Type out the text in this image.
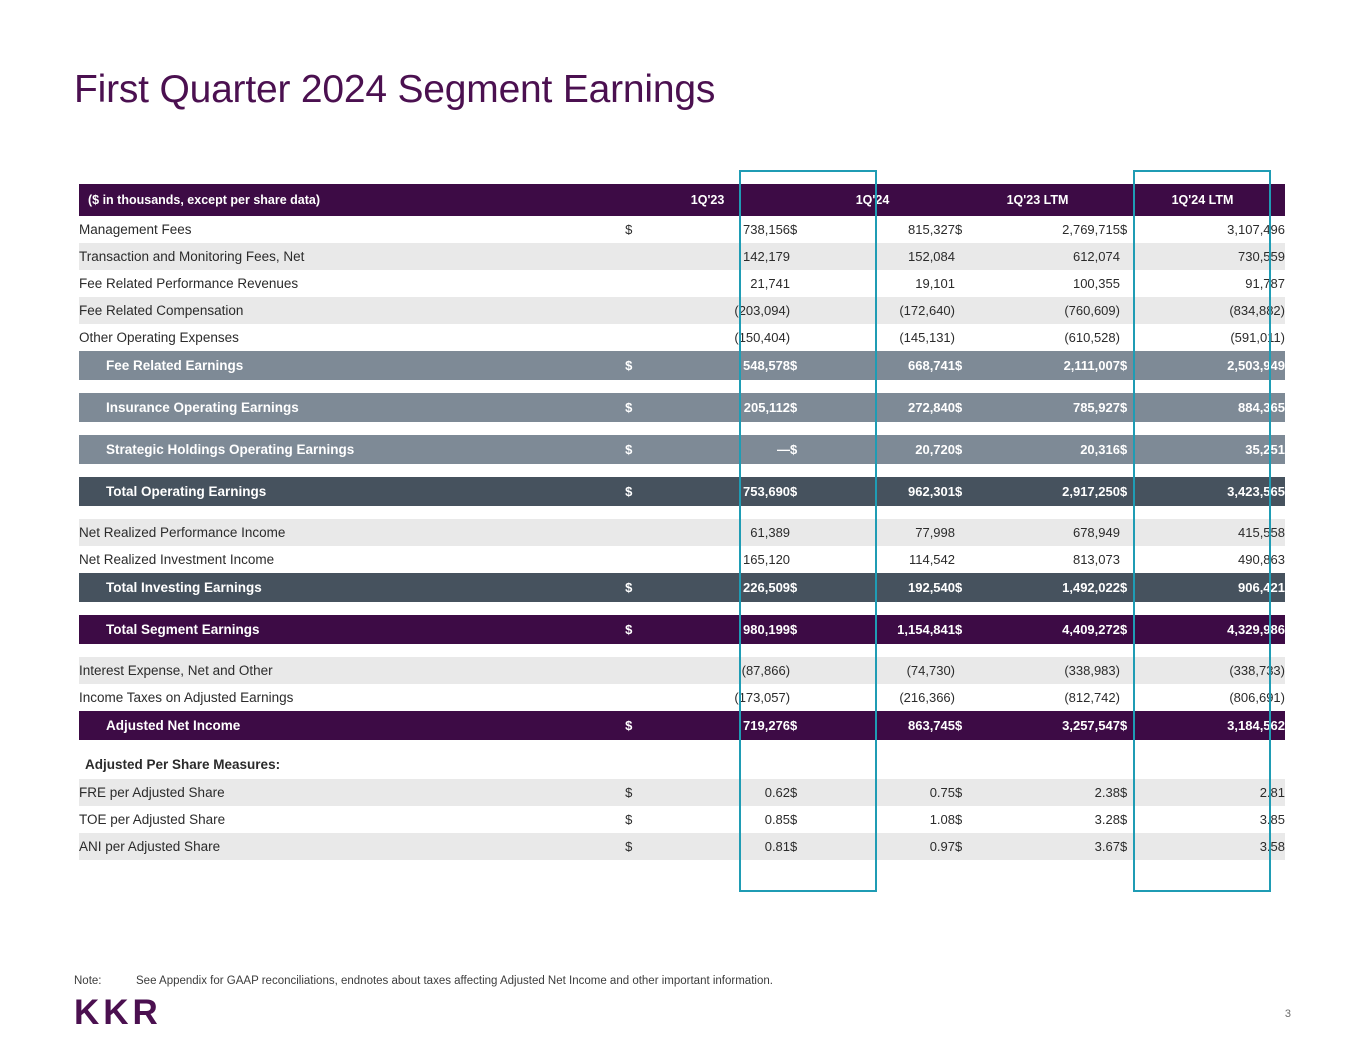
First Quarter 2024 Segment Earnings
($ in thousands, except per share data)	1Q'23		1Q'24		1Q'23 LTM		1Q'24 LTM	
Management Fees	$	738,156	$	815,327	$	2,769,715	$	3,107,496
Transaction and Monitoring Fees, Net		142,179		152,084		612,074		730,559
Fee Related Performance Revenues		21,741		19,101		100,355		91,787
Fee Related Compensation		(203,094)		(172,640)		(760,609)		(834,882)
Other Operating Expenses		(150,404)		(145,131)		(610,528)		(591,011)
Fee Related Earnings	$	548,578	$	668,741	$	2,111,007	$	2,503,949

Insurance Operating Earnings	$	205,112	$	272,840	$	785,927	$	884,365

Strategic Holdings Operating Earnings	$	—	$	20,720	$	20,316	$	35,251

Total Operating Earnings	$	753,690	$	962,301	$	2,917,250	$	3,423,565

Net Realized Performance Income		61,389		77,998		678,949		415,558
Net Realized Investment Income		165,120		114,542		813,073		490,863
Total Investing Earnings	$	226,509	$	192,540	$	1,492,022	$	906,421

Total Segment Earnings	$	980,199	$	1,154,841	$	4,409,272	$	4,329,986

Interest Expense, Net and Other		(87,866)		(74,730)		(338,983)		(338,733)
Income Taxes on Adjusted Earnings		(173,057)		(216,366)		(812,742)		(806,691)
Adjusted Net Income	$	719,276	$	863,745	$	3,257,547	$	3,184,562

Adjusted Per Share Measures:								
FRE per Adjusted Share	$	0.62	$	0.75	$	2.38	$	2.81
TOE per Adjusted Share	$	0.85	$	1.08	$	3.28	$	3.85
ANI per Adjusted Share	$	0.81	$	0.97	$	3.67	$	3.58
Note:	See Appendix for GAAP reconciliations, endnotes about taxes affecting Adjusted Net Income and other important information.
KKR	3
